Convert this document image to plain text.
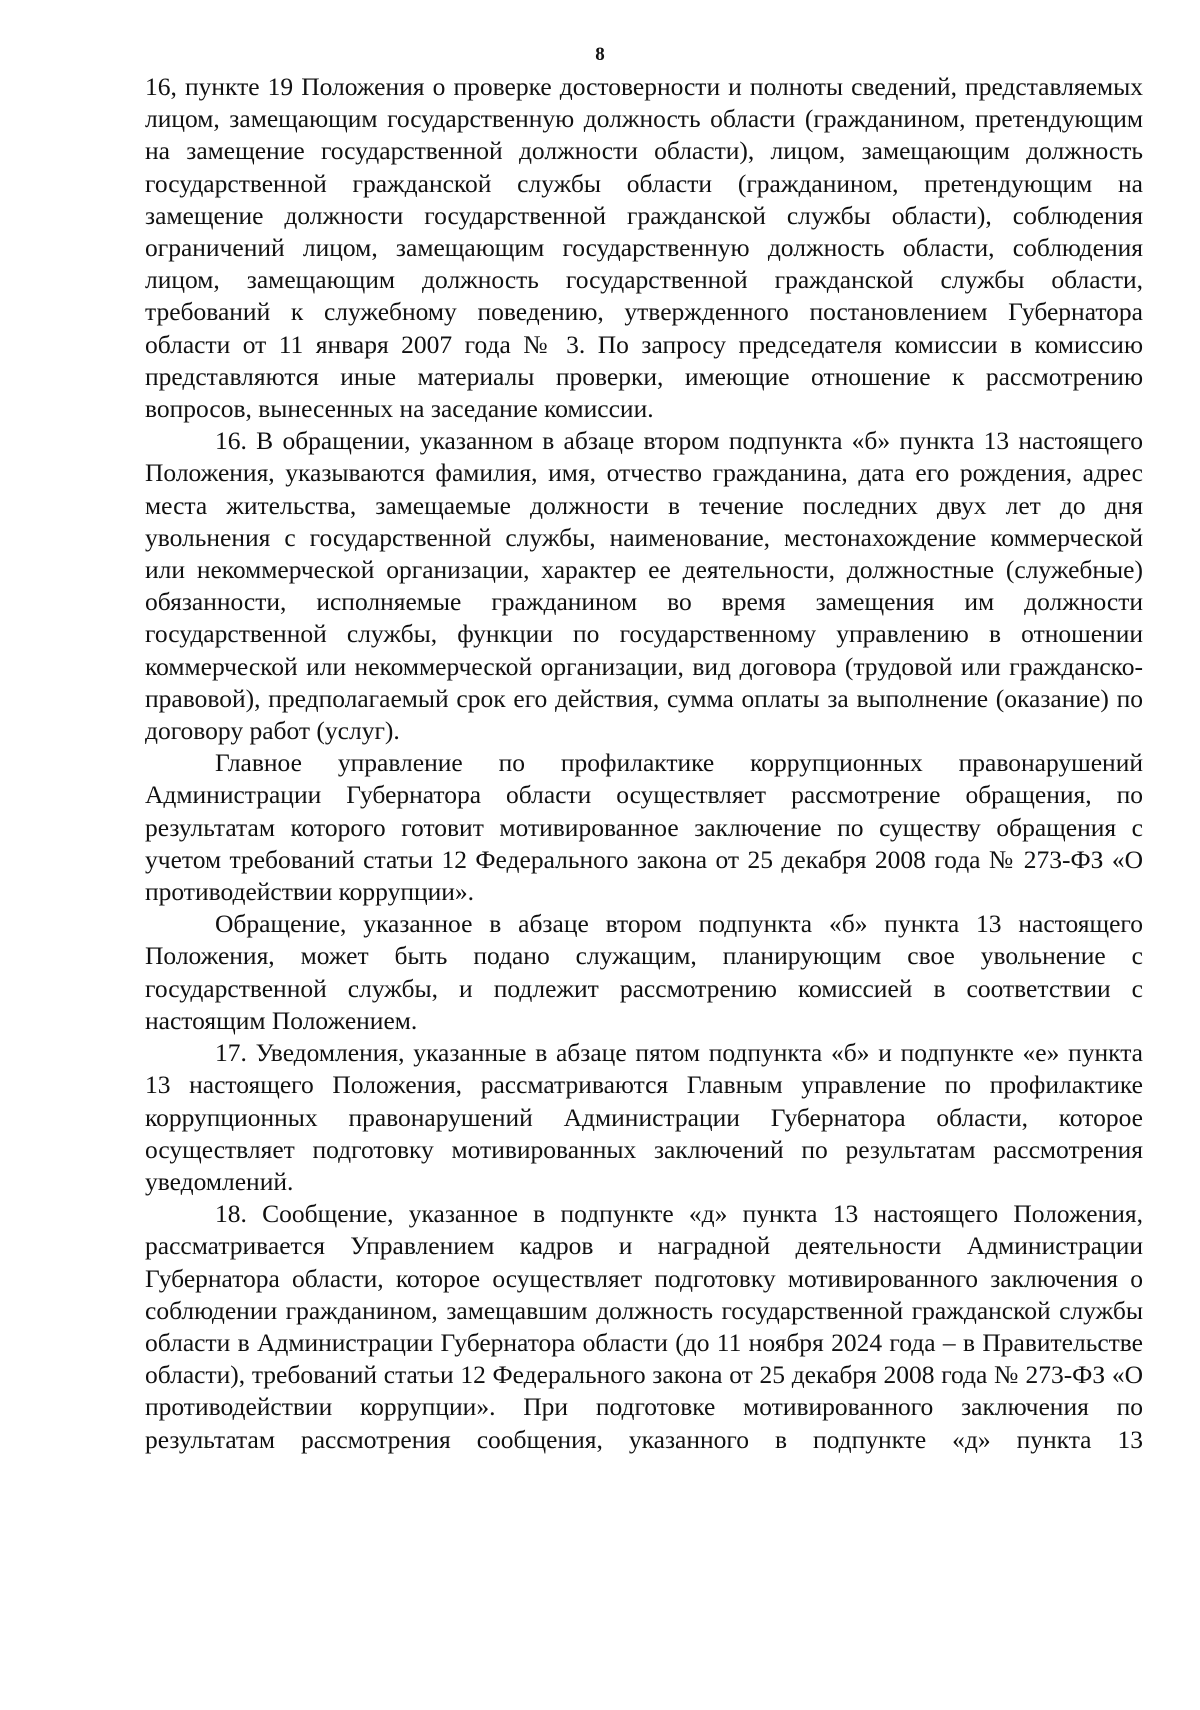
8

16, пункте 19 Положения о проверке достоверности и полноты сведений, представляемых лицом, замещающим государственную должность области (гражданином, претендующим на замещение государственной должности области), лицом, замещающим должность государственной гражданской службы области (гражданином, претендующим на замещение должности государственной гражданской службы области), соблюдения ограничений лицом, замещающим государственную должность области, соблюдения лицом, замещающим должность государственной гражданской службы области, требований к служебному поведению, утвержденного постановлением Губернатора области от 11 января 2007 года № 3. По запросу председателя комиссии в комиссию представляются иные материалы проверки, имеющие отношение к рассмотрению вопросов, вынесенных на заседание комиссии.

16. В обращении, указанном в абзаце втором подпункта «б» пункта 13 настоящего Положения, указываются фамилия, имя, отчество гражданина, дата его рождения, адрес места жительства, замещаемые должности в течение последних двух лет до дня увольнения с государственной службы, наименование, местонахождение коммерческой или некоммерческой организации, характер ее деятельности, должностные (служебные) обязанности, исполняемые гражданином во время замещения им должности государственной службы, функции по государственному управлению в отношении коммерческой или некоммерческой организации, вид договора (трудовой или гражданско-правовой), предполагаемый срок его действия, сумма оплаты за выполнение (оказание) по договору работ (услуг).

Главное управление по профилактике коррупционных правонарушений Администрации Губернатора области осуществляет рассмотрение обращения, по результатам которого готовит мотивированное заключение по существу обращения с учетом требований статьи 12 Федерального закона от 25 декабря 2008 года № 273-ФЗ «О противодействии коррупции».

Обращение, указанное в абзаце втором подпункта «б» пункта 13 настоящего Положения, может быть подано служащим, планирующим свое увольнение с государственной службы, и подлежит рассмотрению комиссией в соответствии с настоящим Положением.

17. Уведомления, указанные в абзаце пятом подпункта «б» и подпункте «е» пункта 13 настоящего Положения, рассматриваются Главным управление по профилактике коррупционных правонарушений Администрации Губернатора области, которое осуществляет подготовку мотивированных заключений по результатам рассмотрения уведомлений.

18. Сообщение, указанное в подпункте «д» пункта 13 настоящего Положения, рассматривается Управлением кадров и наградной деятельности Администрации Губернатора области, которое осуществляет подготовку мотивированного заключения о соблюдении гражданином, замещавшим должность государственной гражданской службы области в Администрации Губернатора области (до 11 ноября 2024 года – в Правительстве области), требований статьи 12 Федерального закона от 25 декабря 2008 года № 273-ФЗ «О противодействии коррупции». При подготовке мотивированного заключения по результатам рассмотрения сообщения, указанного в подпункте «д» пункта 13
